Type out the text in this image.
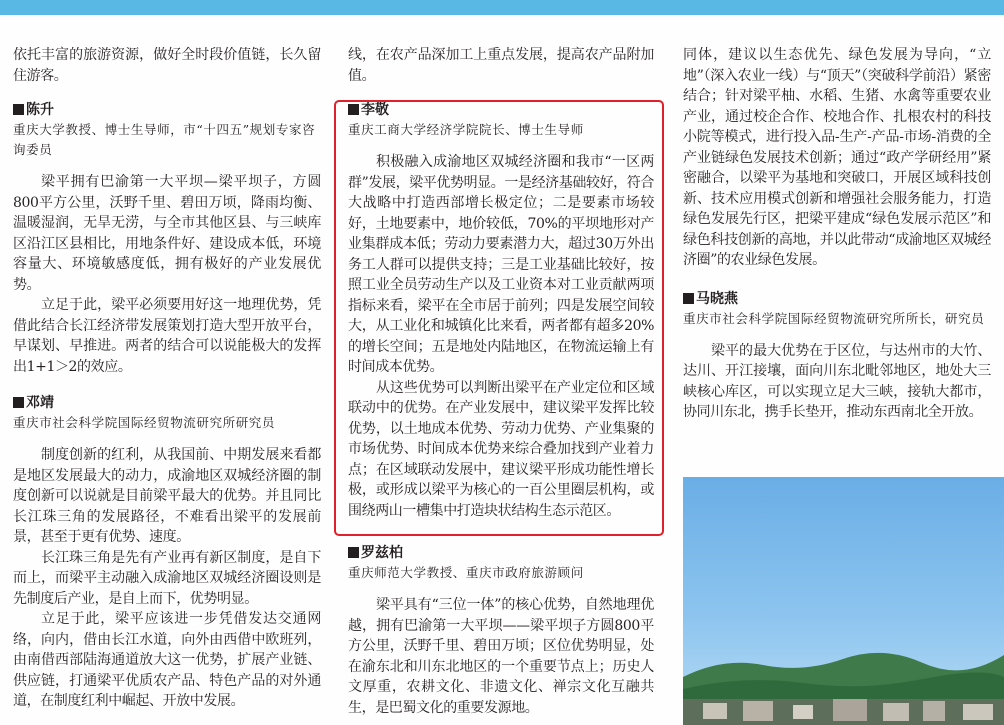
依托丰富的旅游资源，做好全时段价值链，长久留住游客。

陈升
重庆大学教授、博士生导师，市“十四五”规划专家咨询委员

梁平拥有巴渝第一大平坝—梁平坝子，方圆800平方公里，沃野千里、碧田万顷，降雨均衡、温暖湿润，无旱无涝，与全市其他区县、与三峡库区沿江区县相比，用地条件好、建设成本低，环境容量大、环境敏感度低，拥有极好的产业发展优势。

立足于此，梁平必须要用好这一地理优势，凭借此结合长江经济带发展策划打造大型开放平台，早谋划、早推进。两者的结合可以说能极大的发挥出1+1＞2的效应。

邓靖
重庆市社会科学院国际经贸物流研究所研究员

制度创新的红利，从我国前、中期发展来看都是地区发展最大的动力，成渝地区双城经济圈的制度创新可以说就是目前梁平最大的优势。并且同比长江珠三角的发展路径，不难看出梁平的发展前景，甚至于更有优势、速度。

长江珠三角是先有产业再有新区制度，是自下而上，而梁平主动融入成渝地区双城经济圈设则是先制度后产业，是自上而下，优势明显。

立足于此，梁平应该进一步凭借发达交通网络，向内，借由长江水道，向外由西借中欧班列，由南借西部陆海通道放大这一优势，扩展产业链、供应链，打通梁平优质农产品、特色产品的对外通道，在制度红利中崛起、开放中发展。

线，在农产品深加工上重点发展，提高农产品附加值。

李敬
重庆工商大学经济学院院长、博士生导师

积极融入成渝地区双城经济圈和我市“一区两群”发展，梁平优势明显。一是经济基础较好，符合大战略中打造西部增长极定位；二是要素市场较好，土地要素中，地价较低，70%的平坝地形对产业集群成本低；劳动力要素潜力大，超过30万外出务工人群可以提供支持；三是工业基础比较好，按照工业全员劳动生产以及工业资本对工业贡献两项指标来看，梁平在全市居于前列；四是发展空间较大，从工业化和城镇化比来看，两者都有超多20%的增长空间；五是地处内陆地区，在物流运输上有时间成本优势。

从这些优势可以判断出梁平在产业定位和区域联动中的优势。在产业发展中，建议梁平发挥比较优势，以土地成本优势、劳动力优势、产业集聚的市场优势、时间成本优势来综合叠加找到产业着力点；在区域联动发展中，建议梁平形成功能性增长极，或形成以梁平为核心的一百公里圈层机构，或围绕两山一槽集中打造块状结构生态示范区。

罗兹柏
重庆师范大学教授、重庆市政府旅游顾问

梁平具有“三位一体”的核心优势，自然地理优越，拥有巴渝第一大平坝——梁平坝子方圆800平方公里，沃野千里、碧田万顷；区位优势明显，处在渝东北和川东北地区的一个重要节点上；历史人文厚重，农耕文化、非遗文化、禅宗文化互融共生，是巴蜀文化的重要发源地。

同体，建议以生态优先、绿色发展为导向，“立地”（深入农业一线）与“顶天”（突破科学前沿）紧密结合；针对梁平柚、水稻、生猪、水禽等重要农业产业，通过校企合作、校地合作、扎根农村的科技小院等模式，进行投入品-生产-产品-市场-消费的全产业链绿色发展技术创新；通过“政产学研经用”紧密融合，以梁平为基地和突破口，开展区域科技创新、技术应用模式创新和增强社会服务能力，打造绿色发展先行区，把梁平建成“绿色发展示范区”和绿色科技创新的高地，并以此带动“成渝地区双城经济圈”的农业绿色发展。

马晓燕
重庆市社会科学院国际经贸物流研究所所长，研究员

梁平的最大优势在于区位，与达州市的大竹、达川、开江接壤，面向川东北毗邻地区，地处大三峡核心库区，可以实现立足大三峡，接轨大都市，协同川东北，携手长垫开，推动东西南北全开放。
